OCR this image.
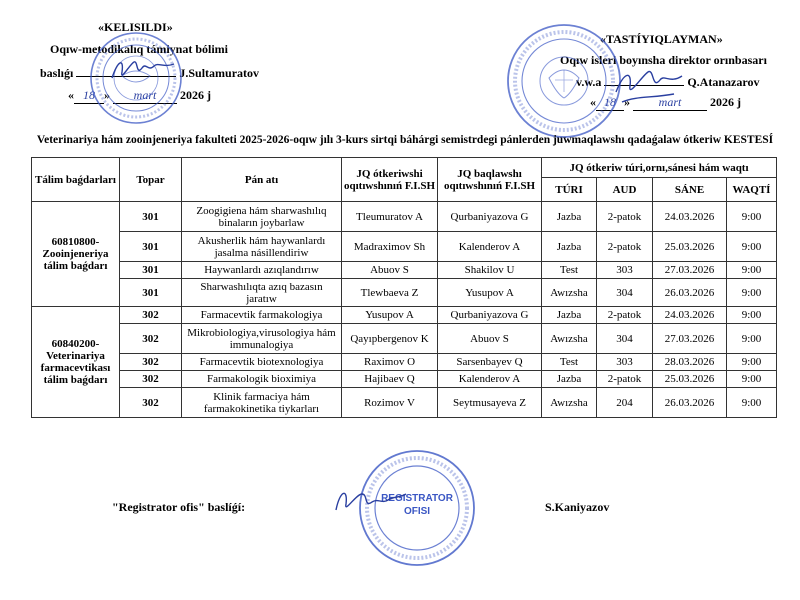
«KELISILDI»
Oqıw-metodikalıq támiynat bólimi
baslıǵı	J.Sultamuratov
« 18 » mart 2026 j
«TASTÍYIQLAYMAN»
Oqıw isleri boyınsha direktor orınbasarı
v.w.a	Q.Atanazarov
« 18 » mart 2026 j
Veterinariya hám zooinjeneriya fakulteti 2025-2026-oqıw jılı 3-kurs sirtqi báhárgi semistrdegi pánlerden juwmaqlawshı qadaǵalaw ótkeriw KESTESÍ
Tálim baǵdarları	Topar	Pán atı	JQ ótkeriwshi oqıtıwshınıń F.I.SH	JQ baqlawshı oqıtıwshınıń F.I.SH	JQ ótkeriw túri,ornı,sánesi hám waqtı			
					TÚRI	AUD	SÁNE	WAQTÍ
60810800-Zooinjeneriya tálim baǵdarı	301	Zoogigiena hám sharwashılıq binaların joybarlaw	Tleumuratov A	Qurbaniyazova G	Jazba	2-patok	24.03.2026	9:00
	301	Akusherlik hám haywanlardı jasalma násillendiriw	Madraximov Sh	Kalenderov A	Jazba	2-patok	25.03.2026	9:00
	301	Haywanlardı azıqlandırıw	Abuov S	Shakilov U	Test	303	27.03.2026	9:00
	301	Sharwashılıqta azıq bazasın jaratıw	Tlewbaeva Z	Yusupov A	Awızsha	304	26.03.2026	9:00
60840200-Veterinariya farmacevtikası tálim baǵdarı	302	Farmacevtik farmakologiya	Yusupov A	Qurbaniyazova G	Jazba	2-patok	24.03.2026	9:00
	302	Mikrobiologiya,virusologiya hám immunalogiya	Qayıpbergenov K	Abuov S	Awızsha	304	27.03.2026	9:00
	302	Farmacevtik biotexnologiya	Raximov O	Sarsenbayev Q	Test	303	28.03.2026	9:00
	302	Farmakologik bioximiya	Hajibaev Q	Kalenderov A	Jazba	2-patok	25.03.2026	9:00
	302	Klinik farmaciya hám farmakokinetika tiykarları	Rozimov V	Seytmusayeva Z	Awızsha	204	26.03.2026	9:00
"Registrator ofis" baslíǵí:	S.Kaniyazov
REGISTRATOR
OFISI
